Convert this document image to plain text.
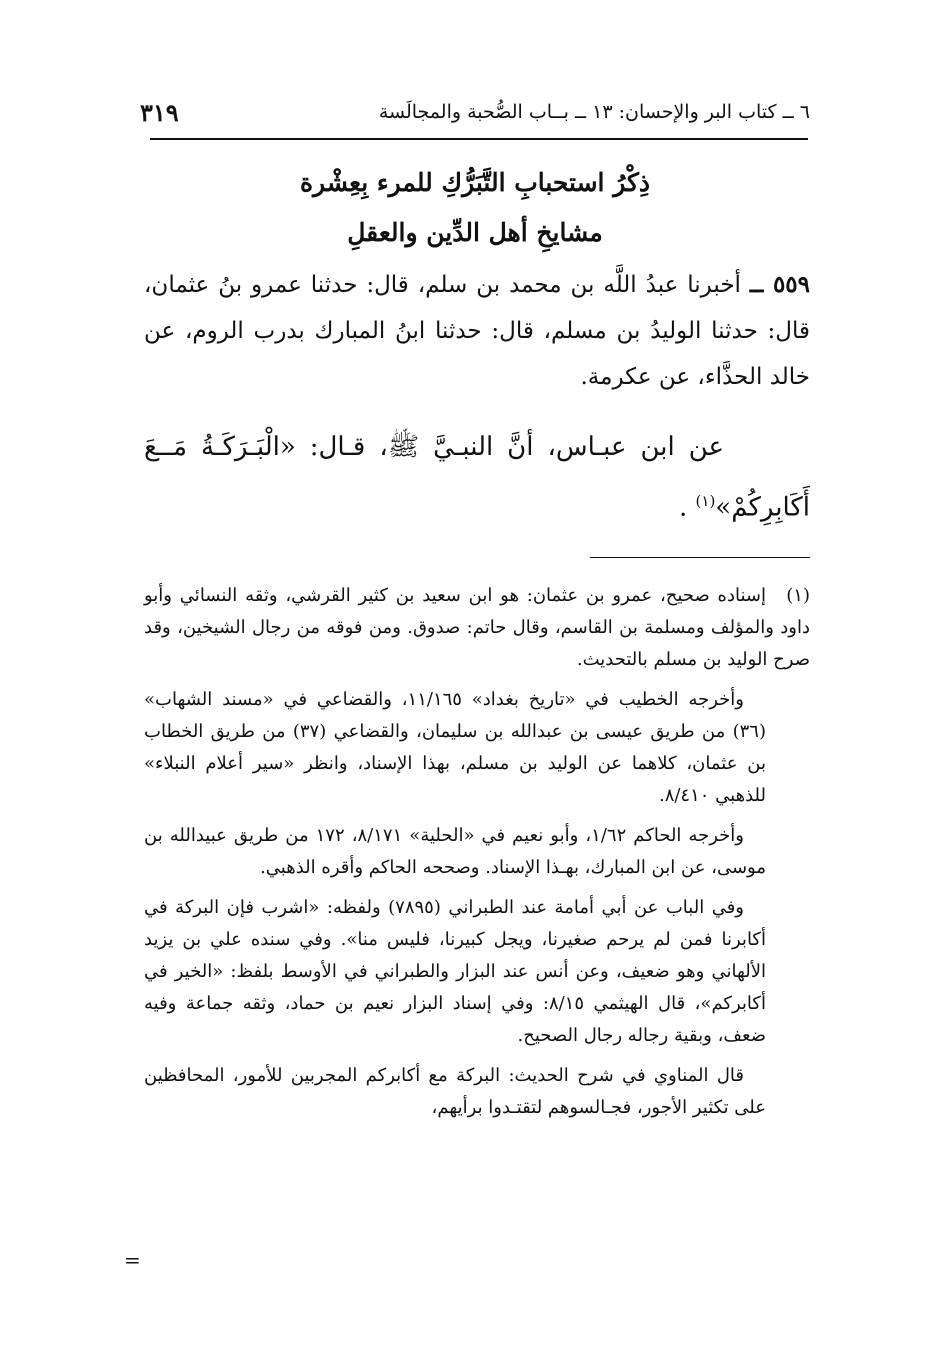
٦ ــ كتاب البر والإحسان: ١٣ ــ بــاب الصُّحبة والمجالَسة
٣١٩
ذِكْرُ استحبابِ التَّبَرُّكِ للمرء بِعِشْرة
مشايخِ أهل الدِّين والعقلِ

٥٥٩ ــ أخبرنا عبدُ اللَّه بن محمد بن سلم، قال: حدثنا عمرو بنُ عثمان، قال: حدثنا الوليدُ بن مسلم، قال: حدثنا ابنُ المبارك بدرب الروم، عن خالد الحذَّاء، عن عكرمة.

عن ابن عبـاس، أنَّ النبـيَّ ﷺ، قـال: «الْبَـرَكَـةُ مَــعَ أَكَابِرِكُمْ»$^{(١)}$ .

(١)إسناده صحيح، عمرو بن عثمان: هو ابن سعيد بن كثير القرشي، وثقه النسائي وأبو داود والمؤلف ومسلمة بن القاسم، وقال حاتم: صدوق. ومن فوقه من رجال الشيخين، وقد صرح الوليد بن مسلم بالتحديث.

وأخرجه الخطيب في «تاريخ بغداد» ١١/١٦٥، والقضاعي في «مسند الشهاب» (٣٦) من طريق عيسى بن عبدالله بن سليمان، والقضاعي (٣٧) من طريق الخطاب بن عثمان، كلاهما عن الوليد بن مسلم، بهذا الإسناد، وانظر «سير أعلام النبلاء» للذهبي ٨/٤١٠.

وأخرجه الحاكم ١/٦٢، وأبو نعيم في «الحلية» ٨/١٧١، ١٧٢ من طريق عبيدالله بن موسى، عن ابن المبارك، بهـذا الإسناد. وصححه الحاكم وأقره الذهبي.

وفي الباب عن أبي أمامة عند الطبراني (٧٨٩٥) ولفظه: «اشرب فإن البركة في أكابرنا فمن لم يرحم صغيرنا، ويجل كبيرنا، فليس منا». وفي سنده علي بن يزيد الألهاني وهو ضعيف، وعن أنس عند البزار والطبراني في الأوسط بلفظ: «الخير في أكابركم»، قال الهيثمي ٨/١٥: وفي إسناد البزار نعيم بن حماد، وثقه جماعة وفيه ضعف، وبقية رجاله رجال الصحيح.

قال المناوي في شرح الحديث: البركة مع أكابركم المجربين للأمور، المحافظين على تكثير الأجور، فجـالسوهم لتقتـدوا برأيهم،

=
